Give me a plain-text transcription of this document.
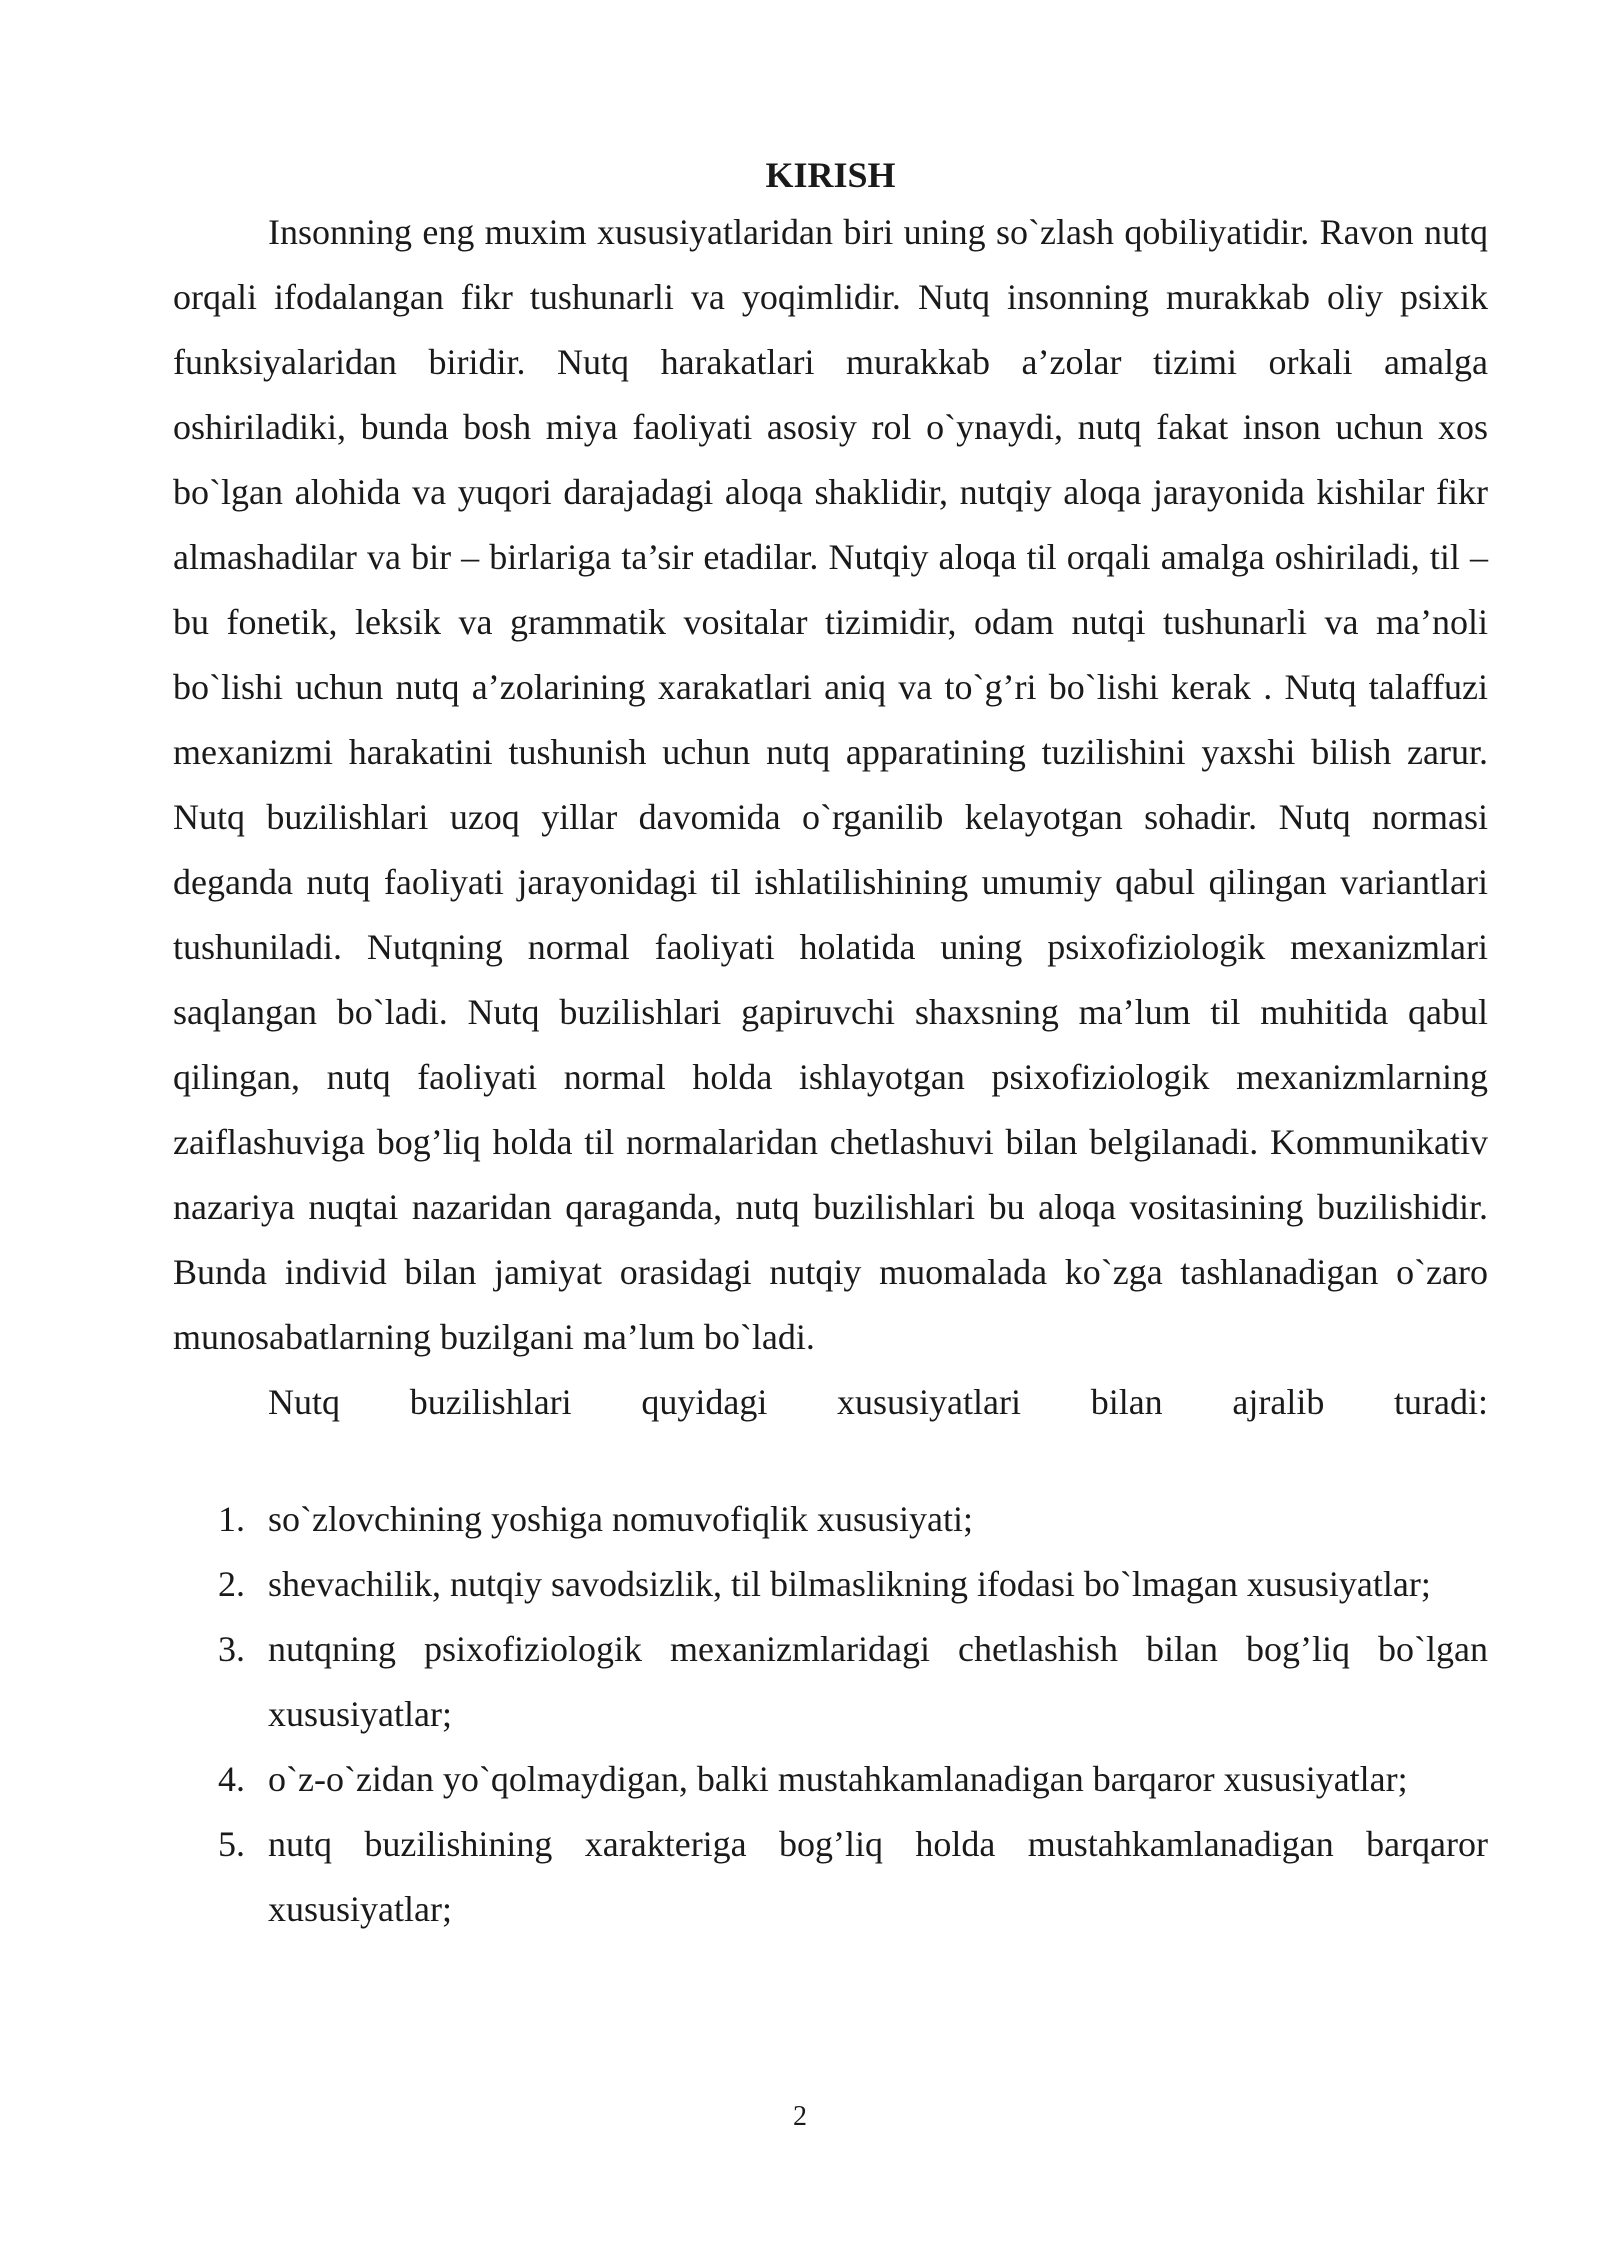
KIRISH

Insonning eng muxim xususiyatlaridan biri uning so`zlash qobiliyatidir. Ravon nutq orqali ifodalangan fikr tushunarli va yoqimlidir. Nutq insonning murakkab oliy psixik funksiyalaridan biridir. Nutq harakatlari murakkab a’zolar tizimi orkali amalga oshiriladiki, bunda bosh miya faoliyati asosiy rol o`ynaydi, nutq fakat inson uchun xos bo`lgan alohida va yuqori darajadagi aloqa shaklidir, nutqiy aloqa jarayonida kishilar fikr almashadilar va bir – birlariga ta’sir etadilar. Nutqiy aloqa til orqali amalga oshiriladi, til – bu fonetik, leksik va grammatik vositalar tizimidir, odam nutqi tushunarli va ma’noli bo`lishi uchun nutq a’zolarining xarakatlari aniq va to`g’ri bo`lishi kerak . Nutq talaffuzi mexanizmi harakatini tushunish uchun nutq apparatining tuzilishini yaxshi bilish zarur. Nutq buzilishlari uzoq yillar davomida o`rganilib kelayotgan sohadir. Nutq normasi deganda nutq faoliyati jarayonidagi til ishlatilishining umumiy qabul qilingan variantlari tushuniladi. Nutqning normal faoliyati holatida uning psixofiziologik mexanizmlari saqlangan bo`ladi. Nutq buzilishlari gapiruvchi shaxsning ma’lum til muhitida qabul qilingan, nutq faoliyati normal holda ishlayotgan psixofiziologik mexanizmlarning zaiflashuviga bog’liq holda til normalaridan chetlashuvi bilan belgilanadi. Kommunikativ nazariya nuqtai nazaridan qaraganda, nutq buzilishlari bu aloqa vositasining buzilishidir. Bunda individ bilan jamiyat orasidagi nutqiy muomalada ko`zga tashlanadigan o`zaro munosabatlarning buzilgani ma’lum bo`ladi.

Nutq buzilishlari quyidagi xususiyatlari bilan ajralib turadi:

1. so`zlovchining yoshiga nomuvofiqlik xususiyati;
2. shevachilik, nutqiy savodsizlik, til bilmaslikning ifodasi bo`lmagan xususiyatlar;
3. nutqning psixofiziologik mexanizmlaridagi chetlashish bilan bog’liq bo`lgan xususiyatlar;
4. o`z-o`zidan yo`qolmaydigan, balki mustahkamlanadigan barqaror xususiyatlar;
5. nutq buzilishining xarakteriga bog’liq holda mustahkamlanadigan barqaror xususiyatlar;
2
